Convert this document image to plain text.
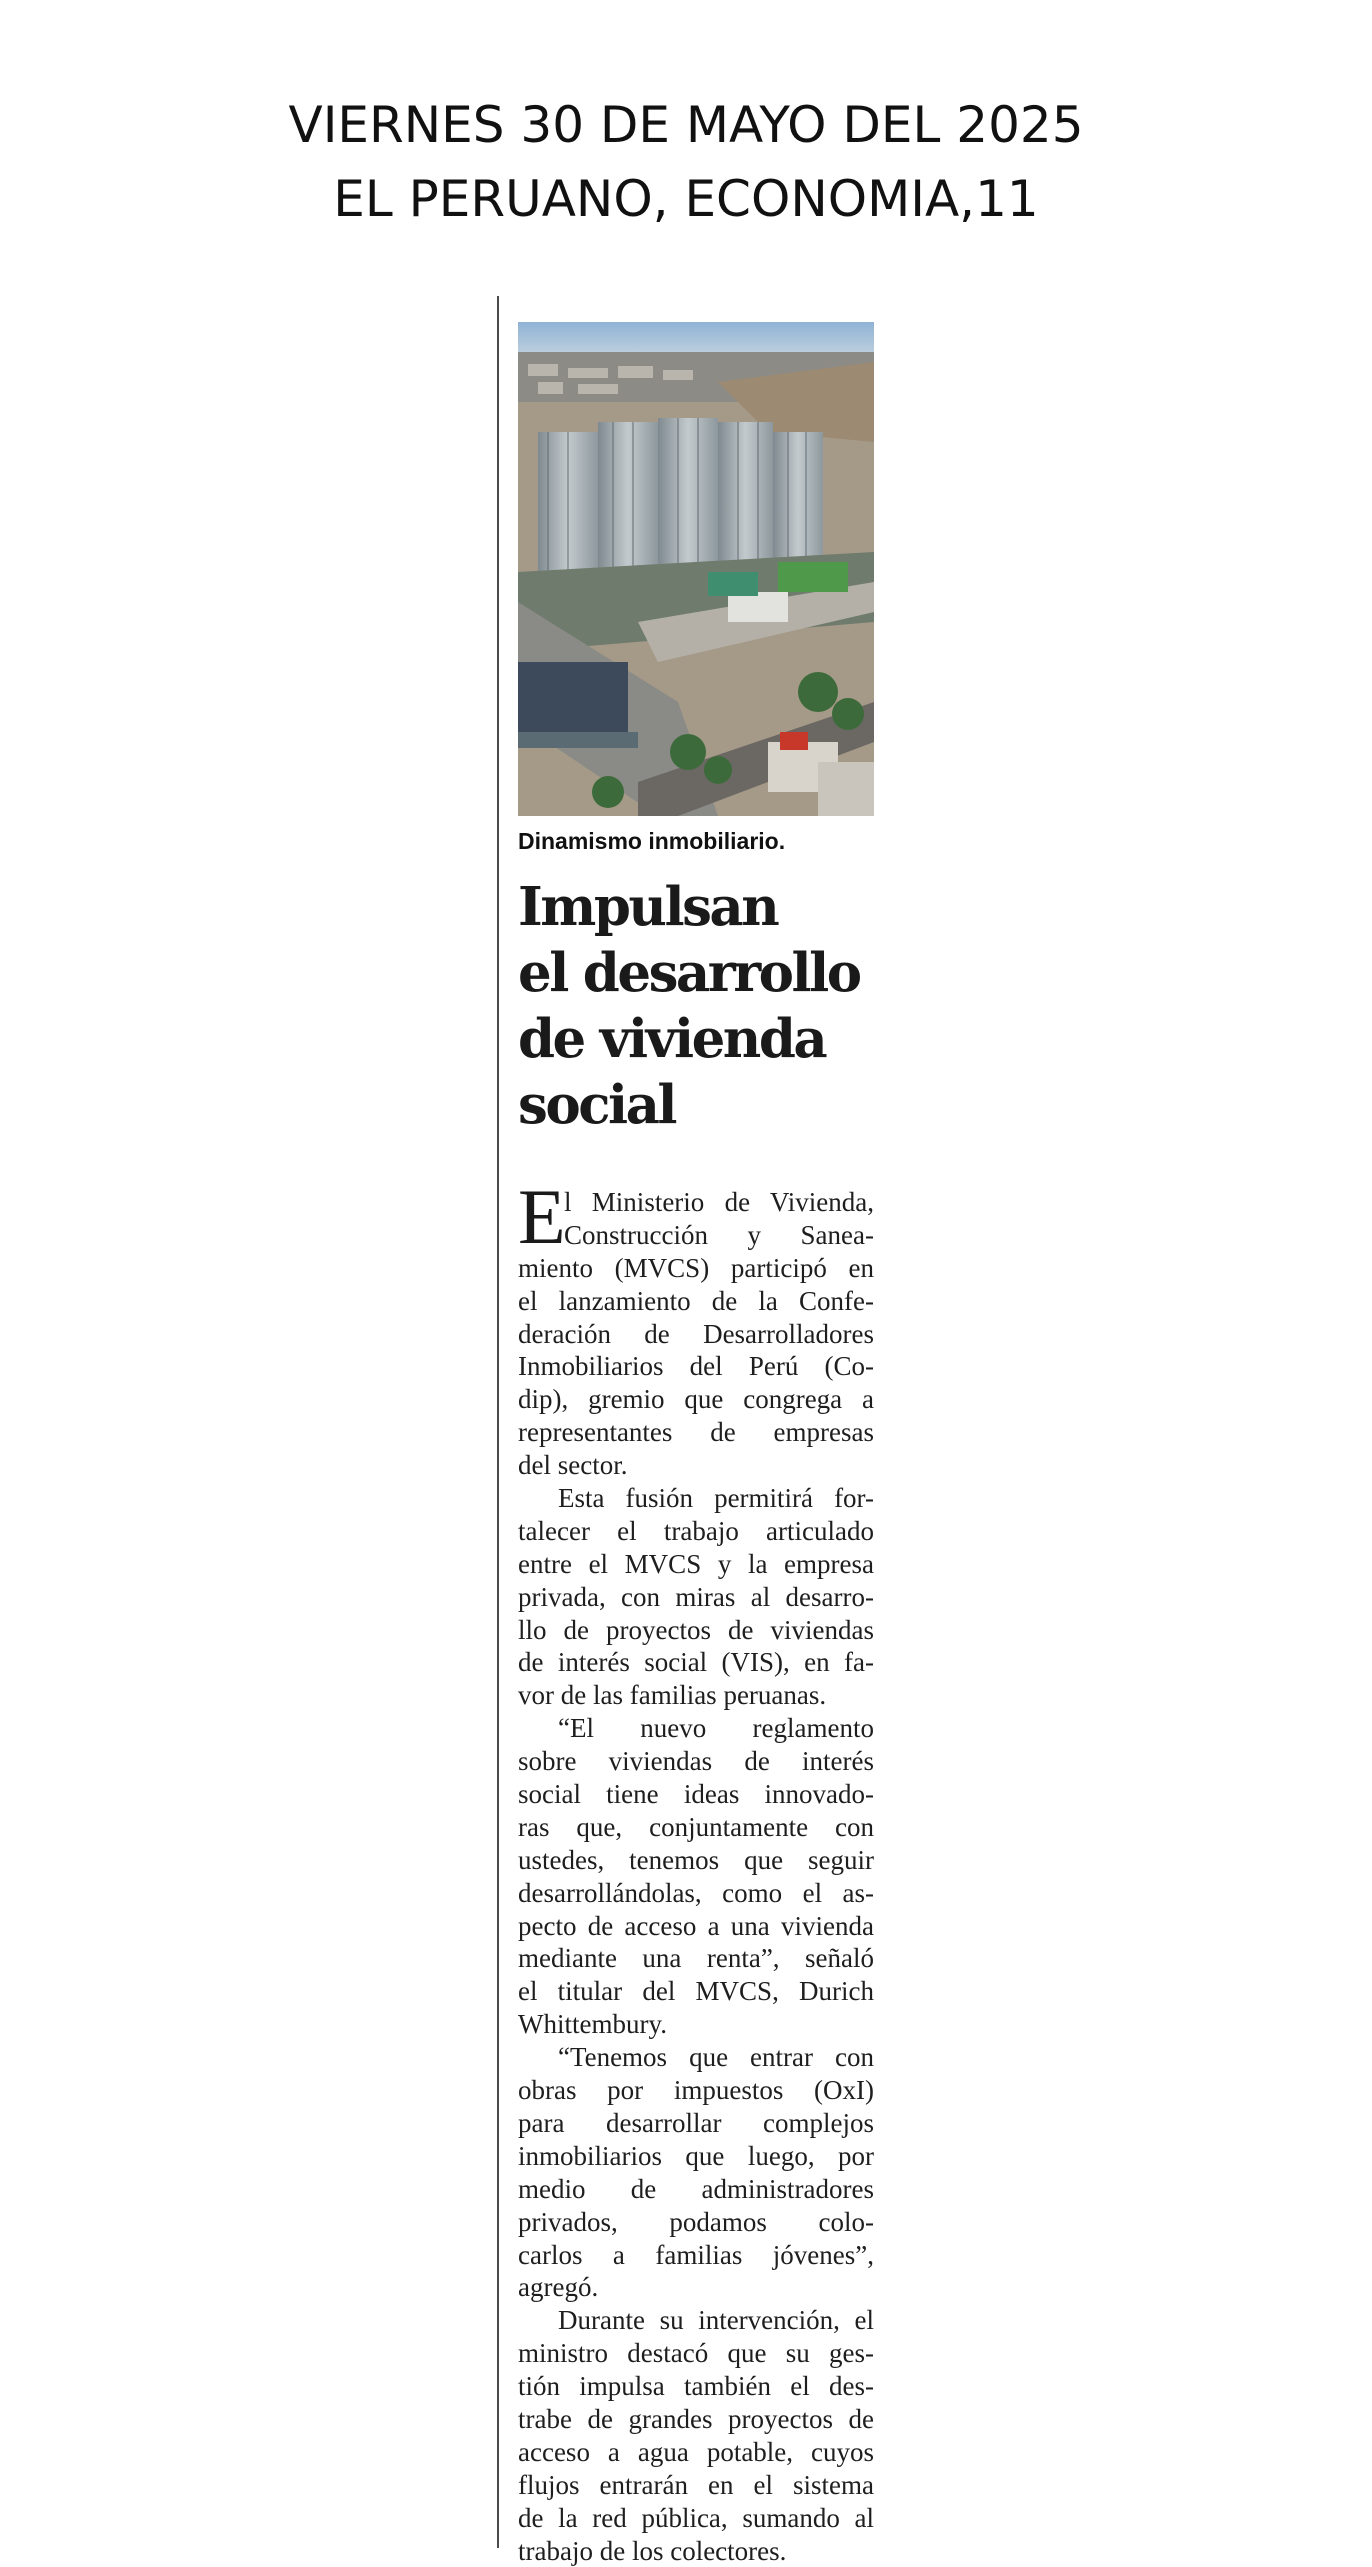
VIERNES 30 DE MAYO DEL 2025
EL PERUANO, ECONOMIA,11
Dinamismo inmobiliario.
Impulsan
el desarrollo
de vivienda
social
E
l Ministerio de Vivienda,
Construcción y Sanea-
miento (MVCS) participó en
el lanzamiento de la Confe-
deración de Desarrolladores
Inmobiliarios del Perú (Co-
dip), gremio que congrega a
representantes de empresas
del sector.
Esta fusión permitirá for-
talecer el trabajo articulado
entre el MVCS y la empresa
privada, con miras al desarro-
llo de proyectos de viviendas
de interés social (VIS), en fa-
vor de las familias peruanas.
“El nuevo reglamento
sobre viviendas de interés
social tiene ideas innovado-
ras que, conjuntamente con
ustedes, tenemos que seguir
desarrollándolas, como el as-
pecto de acceso a una vivienda
mediante una renta”, señaló
el titular del MVCS, Durich
Whittembury.
“Tenemos que entrar con
obras por impuestos (OxI)
para desarrollar complejos
inmobiliarios que luego, por
medio de administradores
privados, podamos colo-
carlos a familias jóvenes”,
agregó.
Durante su intervención, el
ministro destacó que su ges-
tión impulsa también el des-
trabe de grandes proyectos de
acceso a agua potable, cuyos
flujos entrarán en el sistema
de la red pública, sumando al
trabajo de los colectores.
